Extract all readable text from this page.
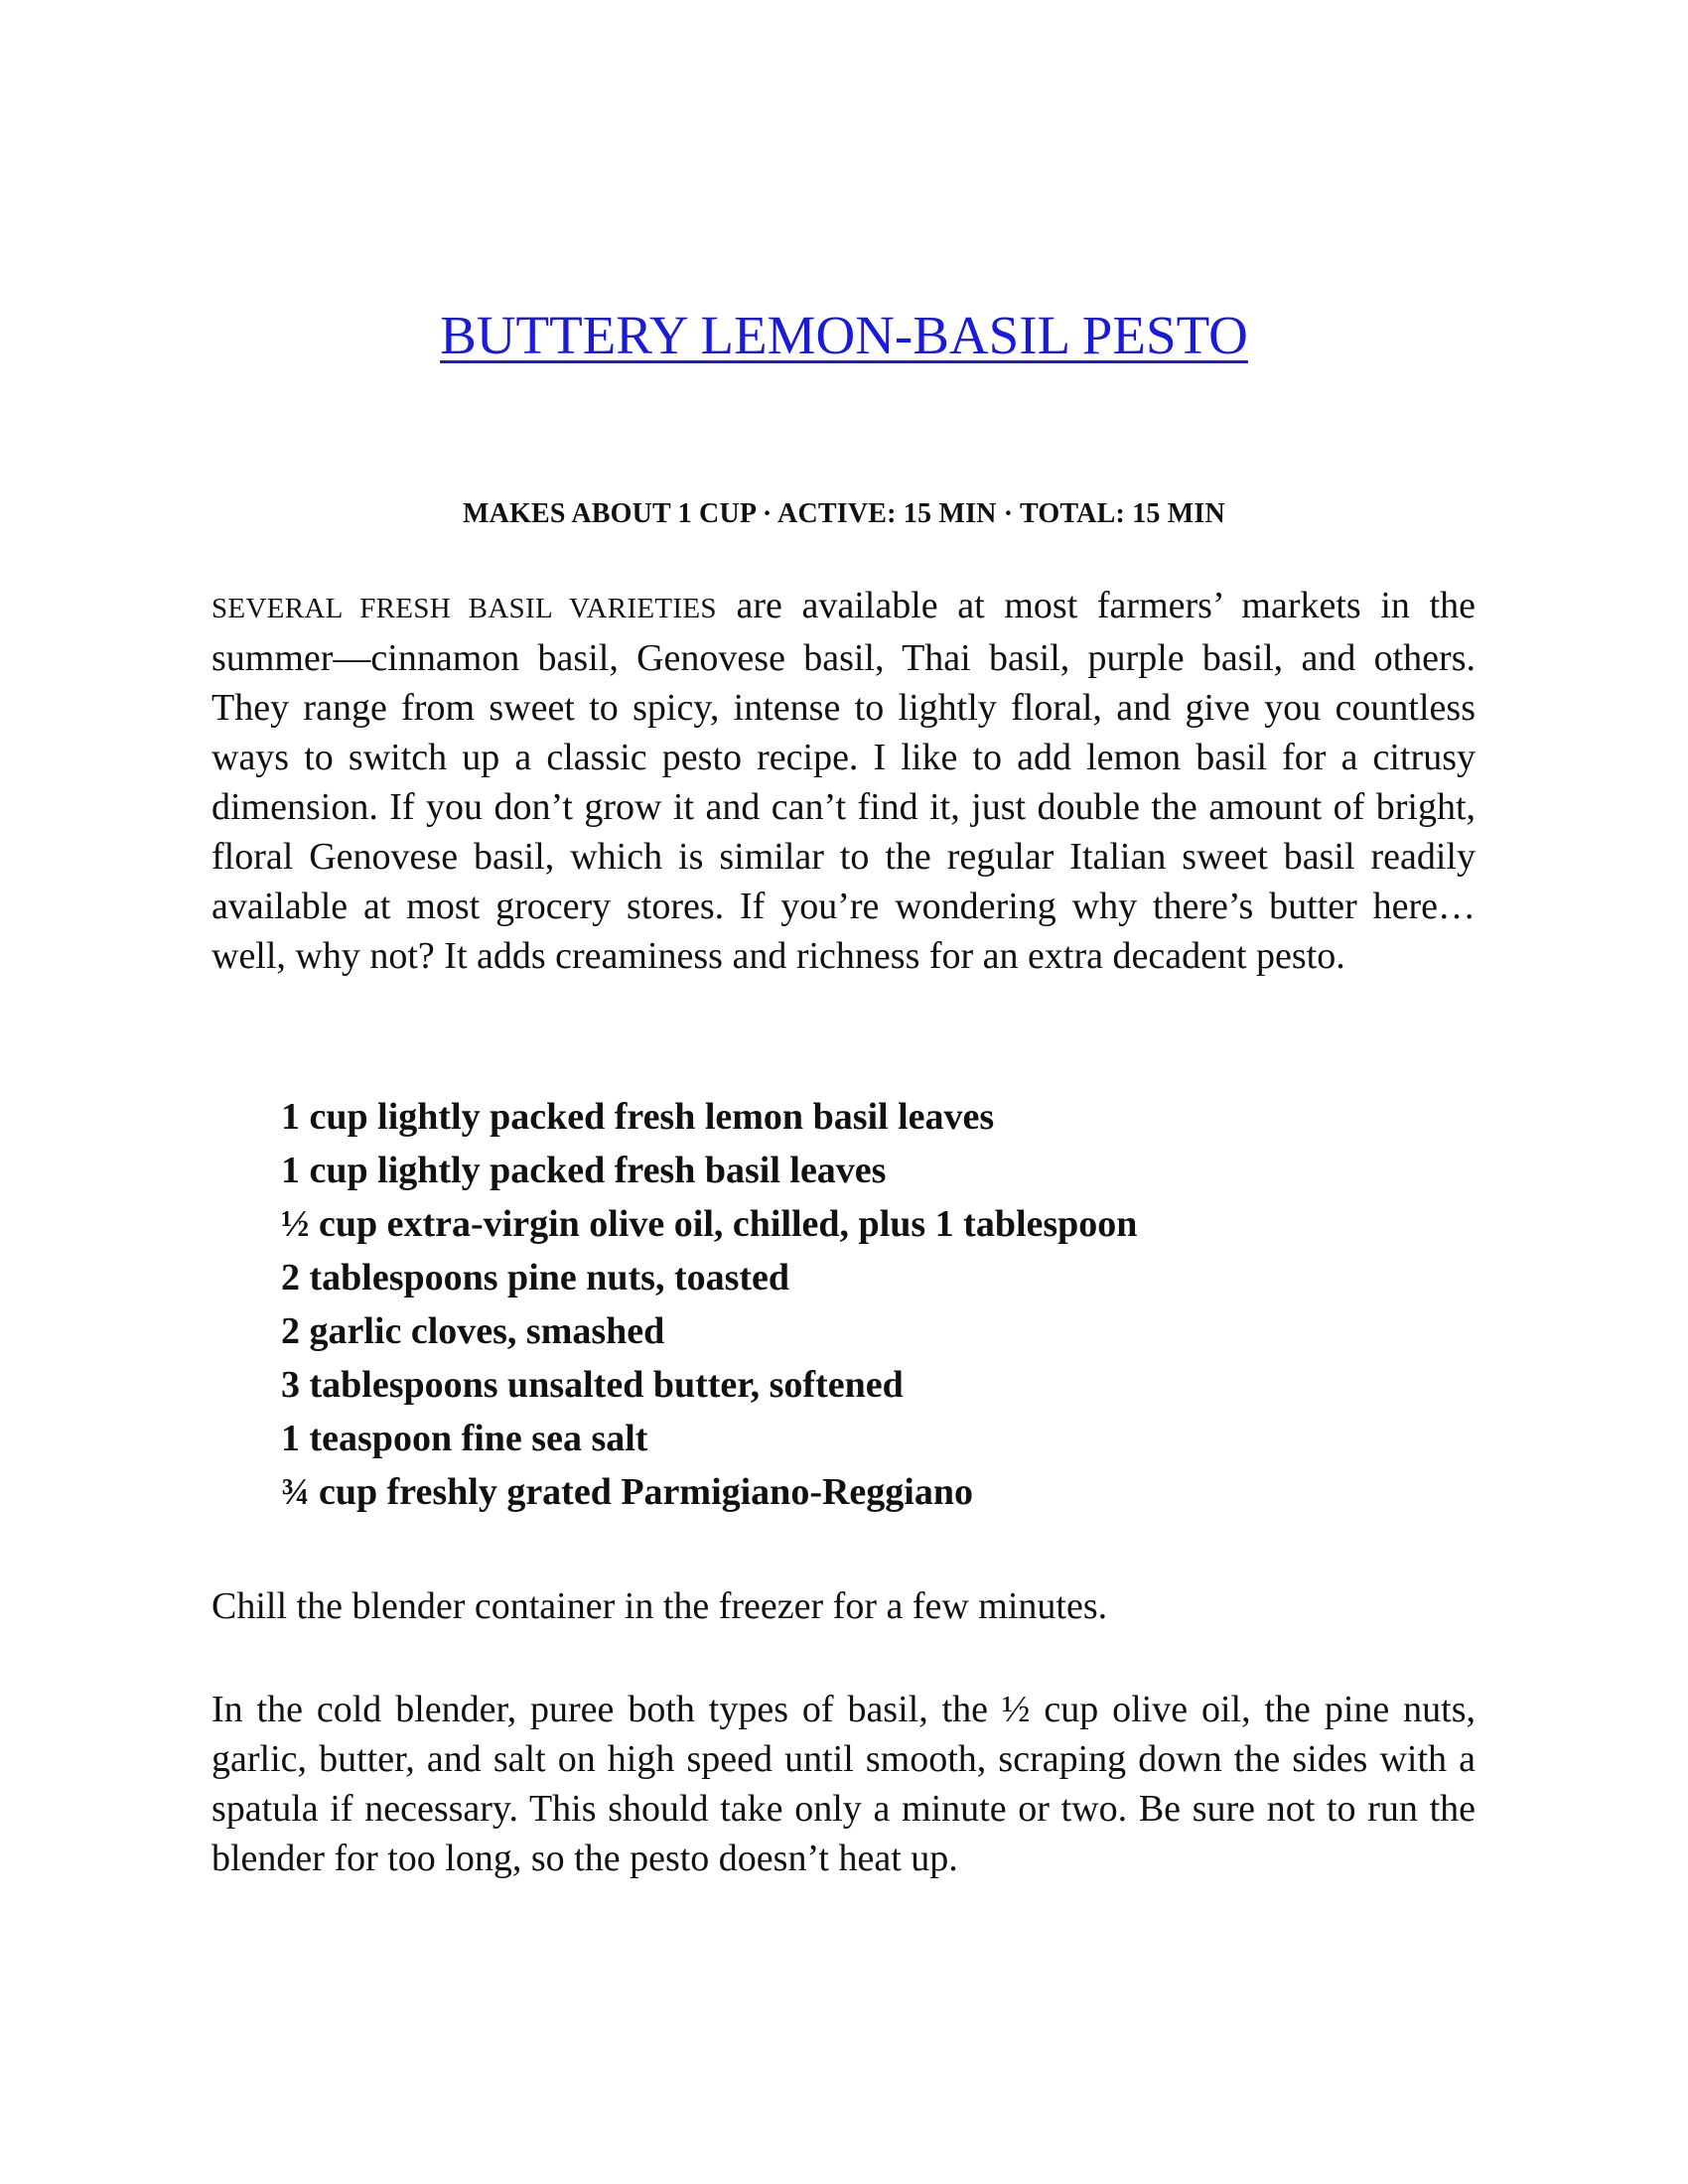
BUTTERY LEMON-BASIL PESTO
MAKES ABOUT 1 CUP · ACTIVE: 15 MIN · TOTAL: 15 MIN

SEVERAL FRESH BASIL VARIETIES are available at most farmers’ markets in the summer—cinnamon basil, Genovese basil, Thai basil, purple basil, and others. They range from sweet to spicy, intense to lightly floral, and give you countless ways to switch up a classic pesto recipe. I like to add lemon basil for a citrusy dimension. If you don’t grow it and can’t find it, just double the amount of bright, floral Genovese basil, which is similar to the regular Italian sweet basil readily available at most grocery stores. If you’re wondering why there’s butter here… well, why not? It adds creaminess and richness for an extra decadent pesto.

1 cup lightly packed fresh lemon basil leaves
1 cup lightly packed fresh basil leaves
½ cup extra-virgin olive oil, chilled, plus 1 tablespoon
2 tablespoons pine nuts, toasted
2 garlic cloves, smashed
3 tablespoons unsalted butter, softened
1 teaspoon fine sea salt
¾ cup freshly grated Parmigiano-Reggiano

Chill the blender container in the freezer for a few minutes.

In the cold blender, puree both types of basil, the ½ cup olive oil, the pine nuts, garlic, butter, and salt on high speed until smooth, scraping down the sides with a spatula if necessary. This should take only a minute or two. Be sure not to run the blender for too long, so the pesto doesn’t heat up.
